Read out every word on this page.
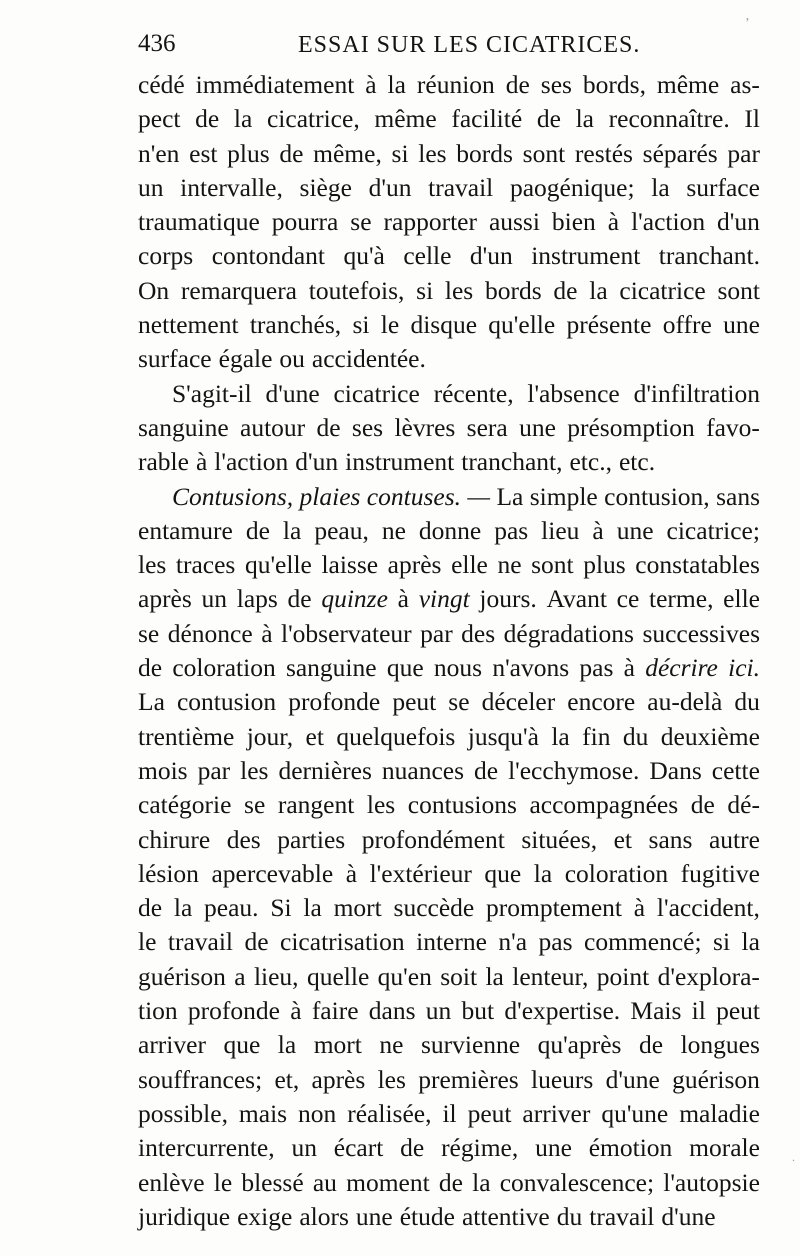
436	ESSAI SUR LES CICATRICES.
cédé immédiatement à la réunion de ses bords, même as-
pect de la cicatrice, même facilité de la reconnaître. Il
n'en est plus de même, si les bords sont restés séparés par
un intervalle, siège d'un travail paogénique; la surface
traumatique pourra se rapporter aussi bien à l'action d'un
corps contondant qu'à celle d'un instrument tranchant.
On remarquera toutefois, si les bords de la cicatrice sont
nettement tranchés, si le disque qu'elle présente offre une
surface égale ou accidentée.
S'agit-il d'une cicatrice récente, l'absence d'infiltration
sanguine autour de ses lèvres sera une présomption favo-
rable à l'action d'un instrument tranchant, etc., etc.
Contusions, plaies contuses. — La simple contusion, sans
entamure de la peau, ne donne pas lieu à une cicatrice;
les traces qu'elle laisse après elle ne sont plus constatables
après un laps de quinze à vingt jours. Avant ce terme, elle
se dénonce à l'observateur par des dégradations successives
de coloration sanguine que nous n'avons pas à décrire ici.
La contusion profonde peut se déceler encore au-delà du
trentième jour, et quelquefois jusqu'à la fin du deuxième
mois par les dernières nuances de l'ecchymose. Dans cette
catégorie se rangent les contusions accompagnées de dé-
chirure des parties profondément situées, et sans autre
lésion apercevable à l'extérieur que la coloration fugitive
de la peau. Si la mort succède promptement à l'accident,
le travail de cicatrisation interne n'a pas commencé; si la
guérison a lieu, quelle qu'en soit la lenteur, point d'explora-
tion profonde à faire dans un but d'expertise. Mais il peut
arriver que la mort ne survienne qu'après de longues
souffrances; et, après les premières lueurs d'une guérison
possible, mais non réalisée, il peut arriver qu'une maladie
intercurrente, un écart de régime, une émotion morale
enlève le blessé au moment de la convalescence; l'autopsie
juridique exige alors une étude attentive du travail d'une
ʼ
.
